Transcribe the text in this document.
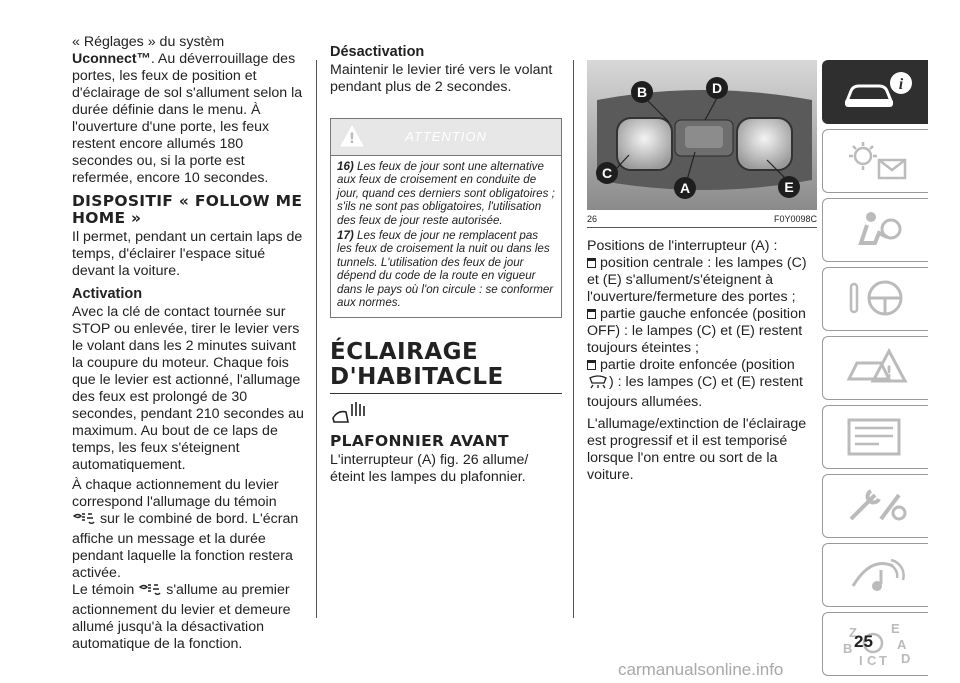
« Réglages » du systèm Uconnect™. Au déverrouillage des portes, les feux de position et d'éclairage de sol s'allument selon la durée définie dans le menu. À l'ouverture d'une porte, les feux restent encore allumés 180 secondes ou, si la porte est refermée, encore 10 secondes.

DISPOSITIF « FOLLOW ME HOME »

Il permet, pendant un certain laps de temps, d'éclairer l'espace situé devant la voiture.

Activation

Avec la clé de contact tournée sur STOP ou enlevée, tirer le levier vers le volant dans les 2 minutes suivant la coupure du moteur. Chaque fois que le levier est actionné, l'allumage des feux est prolongé de 30 secondes, pendant 210 secondes au maximum. Au bout de ce laps de temps, les feux s'éteignent automatiquement.

À chaque actionnement du levier correspond l'allumage du témoin  sur le combiné de bord. L'écran affiche un message et la durée pendant laquelle la fonction restera activée.

Le témoin s'allume au premier actionnement du levier et demeure allumé jusqu'à la désactivation automatique de la fonction.

Désactivation

Maintenir le levier tiré vers le volant pendant plus de 2 secondes.

!	ATTENTION

16) Les feux de jour sont une alternative aux feux de croisement en conduite de jour, quand ces derniers sont obligatoires ; s'ils ne sont pas obligatoires, l'utilisation des feux de jour reste autorisée.

17) Les feux de jour ne remplacent pas les feux de croisement la nuit ou dans les tunnels. L'utilisation des feux de jour dépend du code de la route en vigueur dans le pays où l'on circule : se conformer aux normes.

ÉCLAIRAGE D'HABITACLE
PLAFONNIER AVANT

L'interrupteur (A) fig. 26 allume/éteint les lampes du plafonnier.

B	D
C
A	E
26	F0Y0098C

Positions de l'interrupteur (A) :

position centrale : les lampes (C) et (E) s'allument/s'éteignent à l'ouverture/fermeture des portes ;

partie gauche enfoncée (position OFF) : le lampes (C) et (E) restent toujours éteintes ;

partie droite enfoncée (position ) : les lampes (C) et (E) restent toujours allumées.

L'allumage/extinction de l'éclairage est progressif et il est temporisé lorsque l'on entre ou sort de la voiture.

i
!
Z	E
B	A
I C T D
25
carmanualsonline.info
